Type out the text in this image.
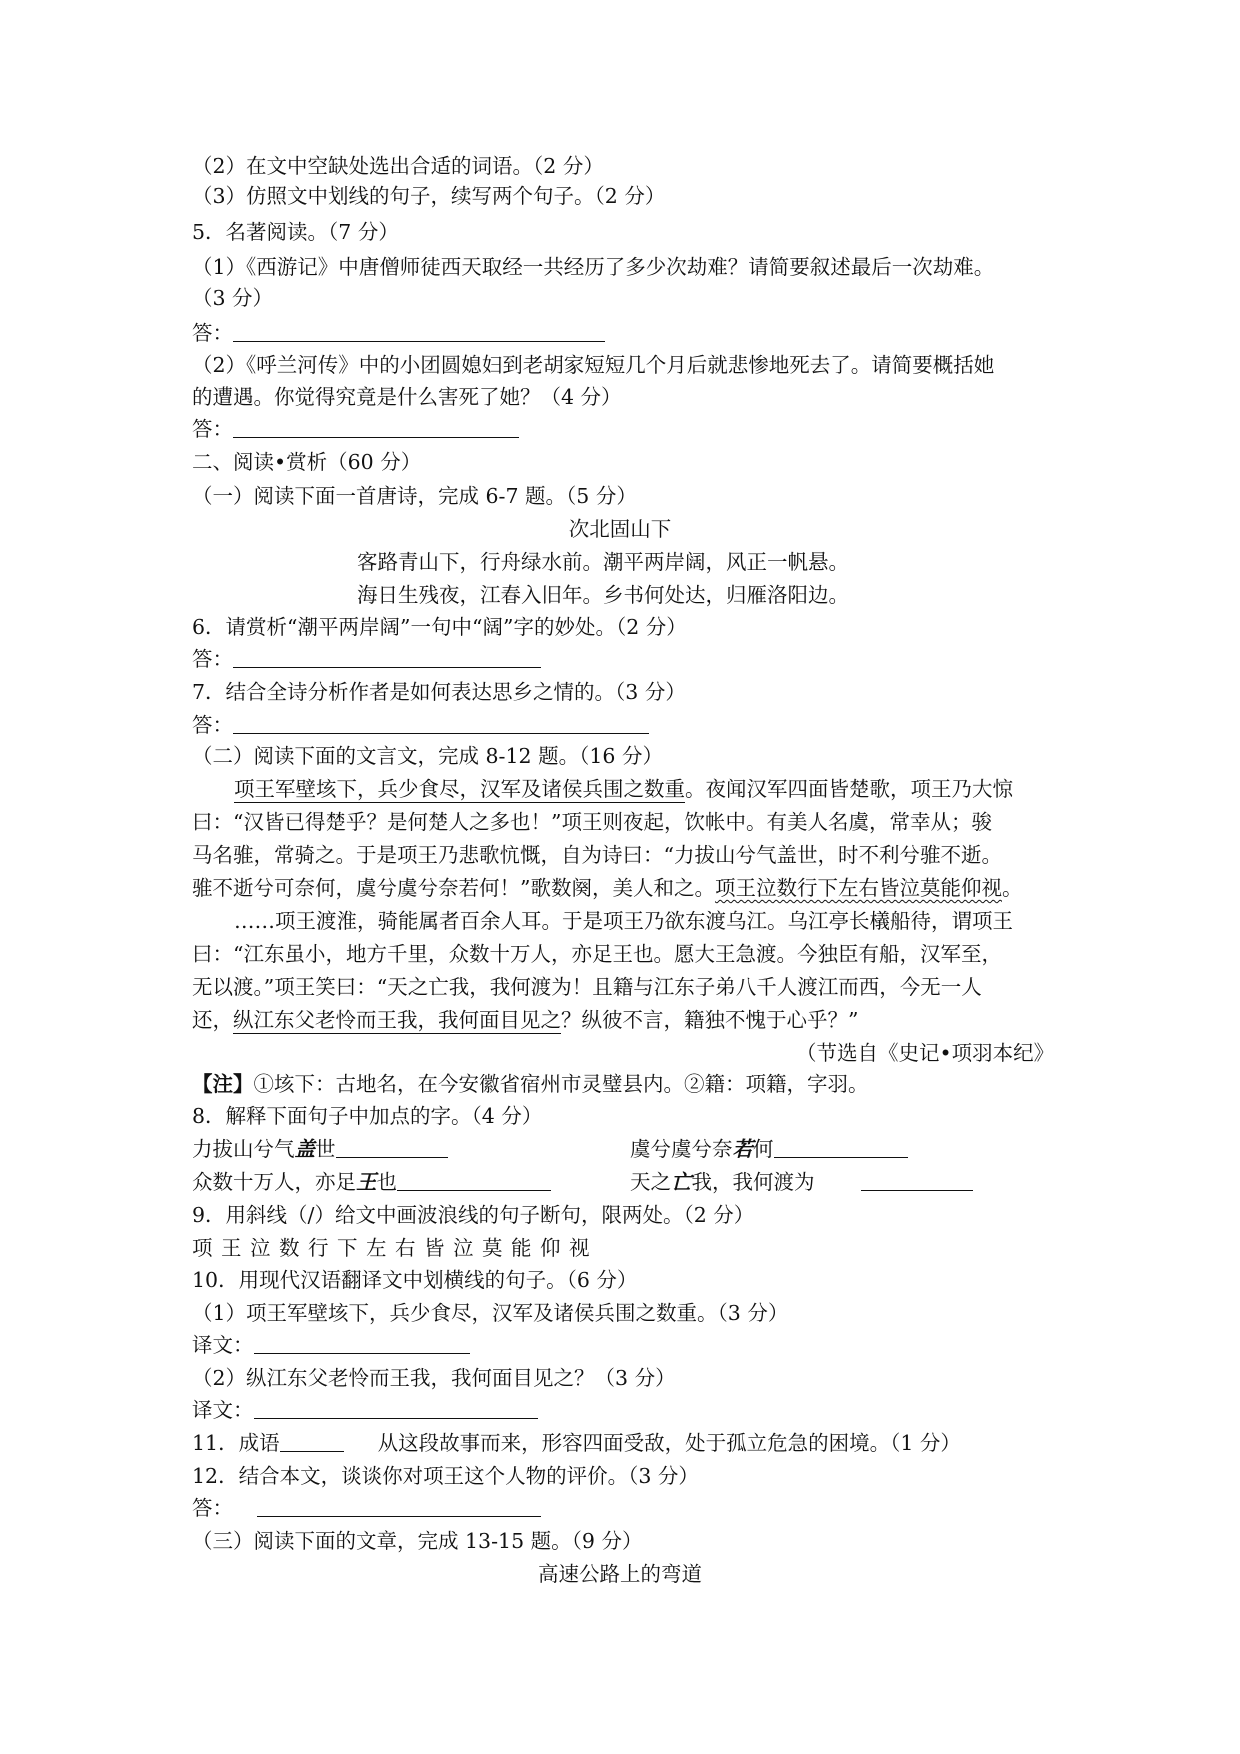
（2）在文中空缺处选出合适的词语。（2 分）
（3）仿照文中划线的句子，续写两个句子。（2 分）
5．名著阅读。（7 分）
（1）《西游记》中唐僧师徒西天取经一共经历了多少次劫难？请简要叙述最后一次劫难。
（3 分）
答：
（2）《呼兰河传》中的小团圆媳妇到老胡家短短几个月后就悲惨地死去了。请简要概括她
的遭遇。你觉得究竟是什么害死了她？（4 分）
答：
二、阅读•赏析（60 分）
（一）阅读下面一首唐诗，完成 6-7 题。（5 分）
次北固山下
客路青山下，行舟绿水前。潮平两岸阔，风正一帆悬。
海日生残夜，江春入旧年。乡书何处达，归雁洛阳边。
6．请赏析“潮平两岸阔”一句中“阔”字的妙处。（2 分）
答：
7．结合全诗分析作者是如何表达思乡之情的。（3 分）
答：
（二）阅读下面的文言文，完成 8-12 题。（16 分）
项王军壁垓下，兵少食尽，汉军及诸侯兵围之数重。夜闻汉军四面皆楚歌，项王乃大惊
曰：“汉皆已得楚乎？是何楚人之多也！”项王则夜起，饮帐中。有美人名虞，常幸从；骏
马名骓，常骑之。于是项王乃悲歌忼慨，自为诗曰：“力拔山兮气盖世，时不利兮骓不逝。
骓不逝兮可奈何，虞兮虞兮奈若何！”歌数阕，美人和之。项王泣数行下左右皆泣莫能仰视。
……项王渡淮，骑能属者百余人耳。于是项王乃欲东渡乌江。乌江亭长檥船待，谓项王
曰：“江东虽小，地方千里，众数十万人，亦足王也。愿大王急渡。今独臣有船，汉军至，
无以渡。”项王笑曰：“天之亡我，我何渡为！且籍与江东子弟八千人渡江而西，今无一人
还，纵江东父老怜而王我，我何面目见之？纵彼不言，籍独不愧于心乎？”
（节选自《史记•项羽本纪》
【注】①垓下：古地名，在今安徽省宿州市灵璧县内。②籍：项籍，字羽。
8．解释下面句子中加点的字。（4 分）
力拔山兮气盖世	虞兮虞兮奈若何
众数十万人，亦足王也	天之亡我，我何渡为
9．用斜线（/）给文中画波浪线的句子断句，限两处。（2 分）
项王泣数行下左右皆泣莫能仰视
10．用现代汉语翻译文中划横线的句子。（6 分）
（1）项王军壁垓下，兵少食尽，汉军及诸侯兵围之数重。（3 分）
译文：
（2）纵江东父老怜而王我，我何面目见之？（3 分）
译文：
11．成语	从这段故事而来，形容四面受敌，处于孤立危急的困境。（1 分）
12．结合本文，谈谈你对项王这个人物的评价。（3 分）
答：
（三）阅读下面的文章，完成 13-15 题。（9 分）
高速公路上的弯道
